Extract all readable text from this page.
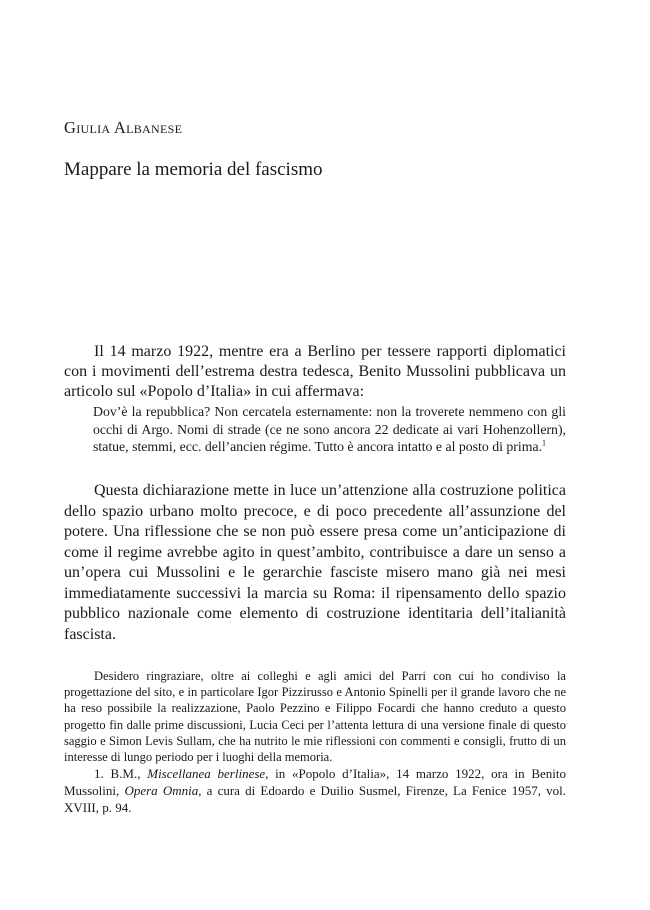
Giulia Albanese
Mappare la memoria del fascismo

Il 14 marzo 1922, mentre era a Berlino per tessere rapporti diplomatici con i movimenti dell’estrema destra tedesca, Benito Mussolini pubblicava un articolo sul «Popolo d’Italia» in cui affermava:

Dov’è la repubblica? Non cercatela esternamente: non la troverete nemmeno con gli occhi di Argo. Nomi di strade (ce ne sono ancora 22 dedicate ai vari Hohenzollern), statue, stemmi, ecc. dell’ancien régime. Tutto è ancora intatto e al posto di prima.$^1$

Questa dichiarazione mette in luce un’attenzione alla costruzione politica dello spazio urbano molto precoce, e di poco precedente all’assunzione del potere. Una riflessione che se non può essere presa come un’anticipazione di come il regime avrebbe agito in quest’ambito, contribuisce a dare un senso a un’opera cui Mussolini e le gerarchie fasciste misero mano già nei mesi immediatamente successivi la marcia su Roma: il ripensamento dello spazio pubblico nazionale come elemento di costruzione identitaria dell’italianità fascista.

Desidero ringraziare, oltre ai colleghi e agli amici del Parri con cui ho condiviso la progettazione del sito, e in particolare Igor Pizzirusso e Antonio Spinelli per il grande lavoro che ne ha reso possibile la realizzazione, Paolo Pezzino e Filippo Focardi che hanno creduto a questo progetto fin dalle prime discussioni, Lucia Ceci per l’attenta lettura di una versione finale di questo saggio e Simon Levis Sullam, che ha nutrito le mie riflessioni con commenti e consigli, frutto di un interesse di lungo periodo per i luoghi della memoria.

1. B.M., Miscellanea berlinese, in «Popolo d’Italia», 14 marzo 1922, ora in Benito Mussolini, Opera Omnia, a cura di Edoardo e Duilio Susmel, Firenze, La Fenice 1957, vol. XVIII, p. 94.
